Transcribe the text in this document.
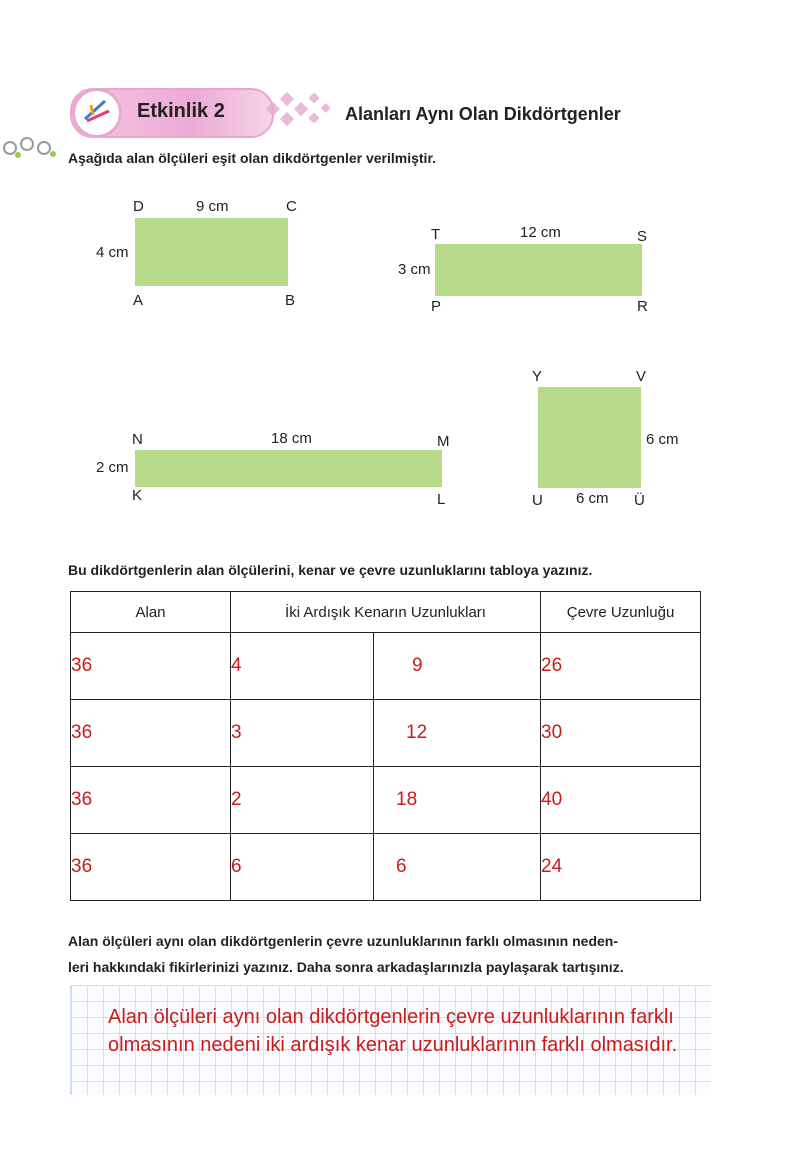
Etkinlik 2	Alanları Aynı Olan Dikdörtgenler
Aşağıda alan ölçüleri eşit olan dikdörtgenler verilmiştir.
D	C
A	B
9 cm
4 cm
T	S
P	R
12 cm
3 cm
N	M
K	L
18 cm
2 cm
Y	V
U	Ü
6 cm
6 cm
Bu dikdörtgenlerin alan ölçülerini, kenar ve çevre uzunluklarını tabloya yazınız.
Alan	İki Ardışık Kenarın Uzunlukları		Çevre Uzunluğu
36	4	9	26
36	3	12	30
36	2	18	40
36	6	6	24
Alan ölçüleri aynı olan dikdörtgenlerin çevre uzunluklarının farklı olmasının neden-
leri hakkındaki fikirlerinizi yazınız. Daha sonra arkadaşlarınızla paylaşarak tartışınız.
Alan ölçüleri aynı olan dikdörtgenlerin çevre uzunluklarının farklı
olmasının nedeni iki ardışık kenar uzunluklarının farklı olmasıdır.
